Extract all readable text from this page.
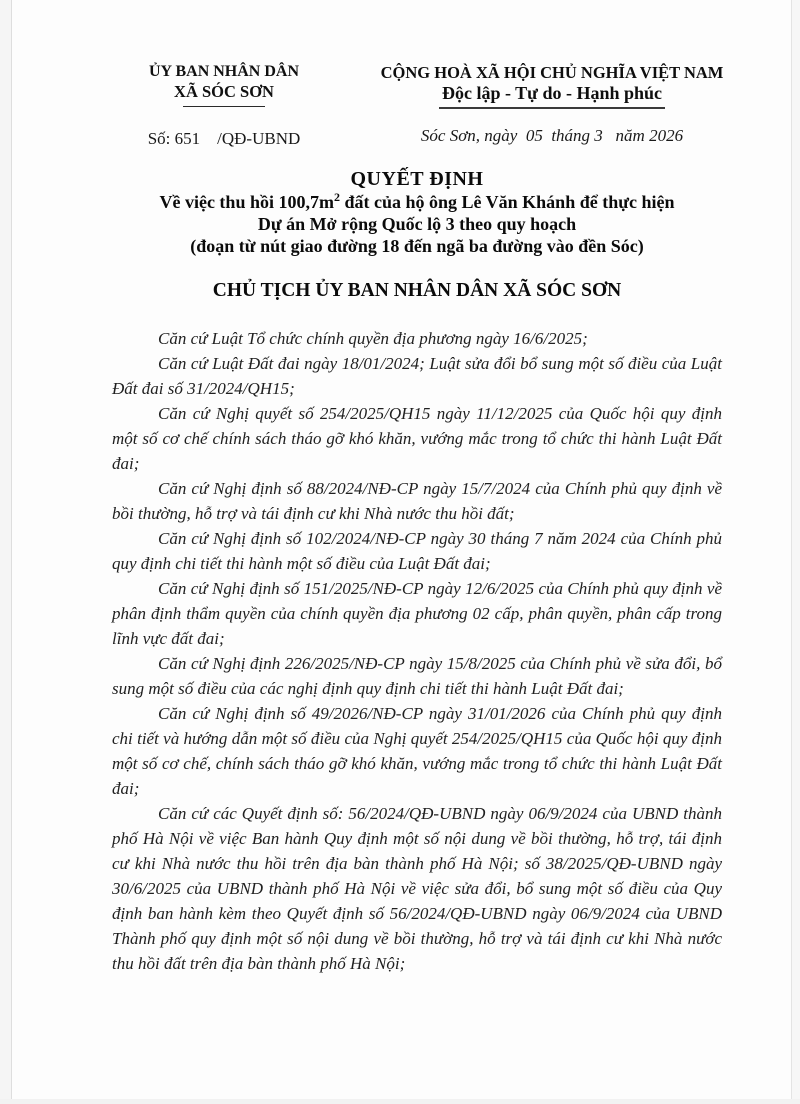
ỦY BAN NHÂN DÂN
XÃ SÓC SƠN
Số: 651    /QĐ-UBND
CỘNG HOÀ XÃ HỘI CHỦ NGHĨA VIỆT NAM
Độc lập - Tự do - Hạnh phúc
Sóc Sơn, ngày  05  tháng 3   năm 2026
QUYẾT ĐỊNH
Về việc thu hồi $100,7m^2$ đất của hộ ông Lê Văn Khánh để thực hiện
Dự án Mở rộng Quốc lộ 3 theo quy hoạch
(đoạn từ nút giao đường 18 đến ngã ba đường vào đền Sóc)
CHỦ TỊCH ỦY BAN NHÂN DÂN XÃ SÓC SƠN

Căn cứ Luật Tổ chức chính quyền địa phương ngày 16/6/2025;

Căn cứ Luật Đất đai ngày 18/01/2024; Luật sửa đổi bổ sung một số điều của Luật Đất đai số 31/2024/QH15;

Căn cứ Nghị quyết số 254/2025/QH15 ngày 11/12/2025 của Quốc hội quy định một số cơ chế chính sách tháo gỡ khó khăn, vướng mắc trong tổ chức thi hành Luật Đất đai;

Căn cứ Nghị định số 88/2024/NĐ-CP ngày 15/7/2024 của Chính phủ quy định về bồi thường, hỗ trợ và tái định cư khi Nhà nước thu hồi đất;

Căn cứ Nghị định số 102/2024/NĐ-CP ngày 30 tháng 7 năm 2024 của Chính phủ quy định chi tiết thi hành một số điều của Luật Đất đai;

Căn cứ Nghị định số 151/2025/NĐ-CP ngày 12/6/2025 của Chính phủ quy định về phân định thẩm quyền của chính quyền địa phương 02 cấp, phân quyền, phân cấp trong lĩnh vực đất đai;

Căn cứ Nghị định 226/2025/NĐ-CP ngày 15/8/2025 của Chính phủ về sửa đổi, bổ sung một số điều của các nghị định quy định chi tiết thi hành Luật Đất đai;

Căn cứ Nghị định số 49/2026/NĐ-CP ngày 31/01/2026 của Chính phủ quy định chi tiết và hướng dẫn một số điều của Nghị quyết 254/2025/QH15 của Quốc hội quy định một số cơ chế, chính sách tháo gỡ khó khăn, vướng mắc trong tổ chức thi hành Luật Đất đai;

Căn cứ các Quyết định số: 56/2024/QĐ-UBND ngày 06/9/2024 của UBND thành phố Hà Nội về việc Ban hành Quy định một số nội dung về bồi thường, hỗ trợ, tái định cư khi Nhà nước thu hồi trên địa bàn thành phố Hà Nội; số 38/2025/QĐ-UBND ngày 30/6/2025 của UBND thành phố Hà Nội về việc sửa đổi, bổ sung một số điều của Quy định ban hành kèm theo Quyết định số 56/2024/QĐ-UBND ngày 06/9/2024 của UBND Thành phố quy định một số nội dung về bồi thường, hỗ trợ và tái định cư khi Nhà nước thu hồi đất trên địa bàn thành phố Hà Nội;
